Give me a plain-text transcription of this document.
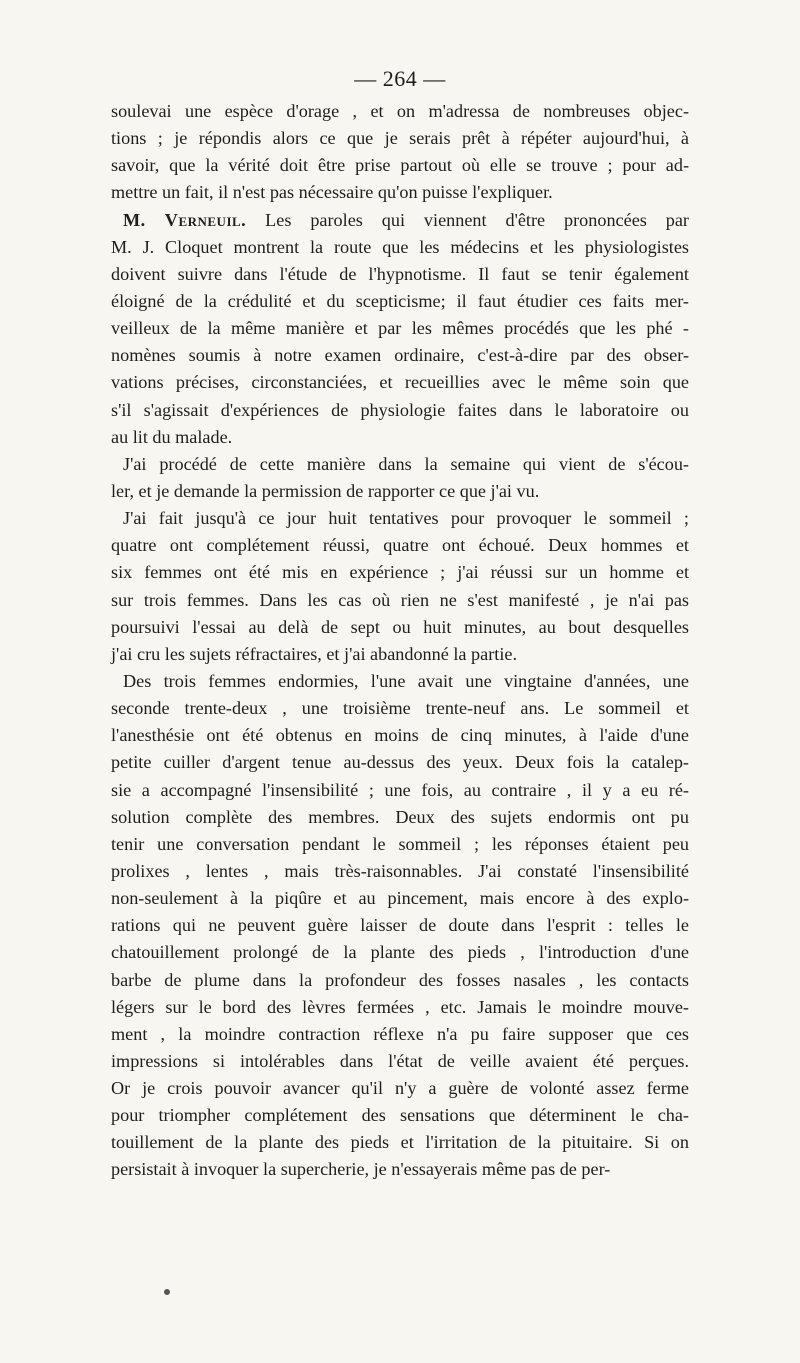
— 264 —
soulevai une espèce d'orage , et on m'adressa de nombreuses objec-
tions ; je répondis alors ce que je serais prêt à répéter aujourd'hui, à
savoir, que la vérité doit être prise partout où elle se trouve ; pour ad-
mettre un fait, il n'est pas nécessaire qu'on puisse l'expliquer.
M. Verneuil. Les paroles qui viennent d'être prononcées par
M. J. Cloquet montrent la route que les médecins et les physiologistes
doivent suivre dans l'étude de l'hypnotisme. Il faut se tenir également
éloigné de la crédulité et du scepticisme; il faut étudier ces faits mer-
veilleux de la même manière et par les mêmes procédés que les phé -
nomènes soumis à notre examen ordinaire, c'est-à-dire par des obser-
vations précises, circonstanciées, et recueillies avec le même soin que
s'il s'agissait d'expériences de physiologie faites dans le laboratoire ou
au lit du malade.
J'ai procédé de cette manière dans la semaine qui vient de s'écou-
ler, et je demande la permission de rapporter ce que j'ai vu.
J'ai fait jusqu'à ce jour huit tentatives pour provoquer le sommeil ;
quatre ont complétement réussi, quatre ont échoué. Deux hommes et
six femmes ont été mis en expérience ; j'ai réussi sur un homme et
sur trois femmes. Dans les cas où rien ne s'est manifesté , je n'ai pas
poursuivi l'essai au delà de sept ou huit minutes, au bout desquelles
j'ai cru les sujets réfractaires, et j'ai abandonné la partie.
Des trois femmes endormies, l'une avait une vingtaine d'années, une
seconde trente-deux , une troisième trente-neuf ans. Le sommeil et
l'anesthésie ont été obtenus en moins de cinq minutes, à l'aide d'une
petite cuiller d'argent tenue au-dessus des yeux. Deux fois la catalep-
sie a accompagné l'insensibilité ; une fois, au contraire , il y a eu ré-
solution complète des membres. Deux des sujets endormis ont pu
tenir une conversation pendant le sommeil ; les réponses étaient peu
prolixes , lentes , mais très-raisonnables. J'ai constaté l'insensibilité
non-seulement à la piqûre et au pincement, mais encore à des explo-
rations qui ne peuvent guère laisser de doute dans l'esprit : telles le
chatouillement prolongé de la plante des pieds , l'introduction d'une
barbe de plume dans la profondeur des fosses nasales , les contacts
légers sur le bord des lèvres fermées , etc. Jamais le moindre mouve-
ment , la moindre contraction réflexe n'a pu faire supposer que ces
impressions si intolérables dans l'état de veille avaient été perçues.
Or je crois pouvoir avancer qu'il n'y a guère de volonté assez ferme
pour triompher complétement des sensations que déterminent le cha-
touillement de la plante des pieds et l'irritation de la pituitaire. Si on
persistait à invoquer la supercherie, je n'essayerais même pas de per-
